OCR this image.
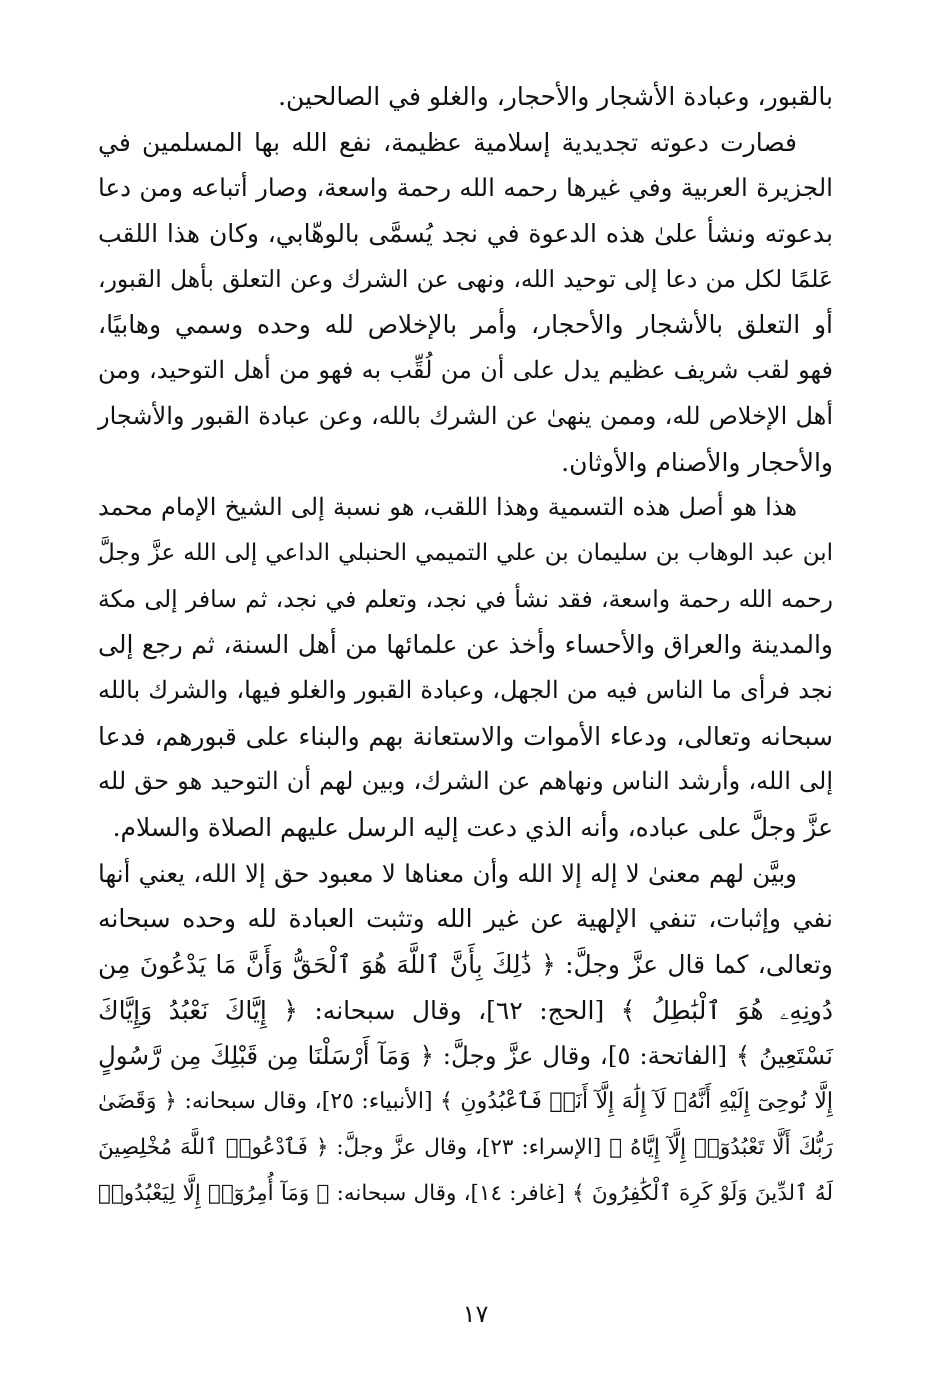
بالقبور، وعبادة الأشجار والأحجار، والغلو في الصالحين.
فصارت دعوته تجديدية إسلامية عظيمة، نفع الله بها المسلمين في
الجزيرة العربية وفي غيرها رحمه الله رحمة واسعة، وصار أتباعه ومن دعا
بدعوته ونشأ علىٰ هذه الدعوة في نجد يُسمَّى بالوهّابي، وكان هذا اللقب
عَلمًا لكل من دعا إلى توحيد الله، ونهى عن الشرك وعن التعلق بأهل القبور،
أو التعلق بالأشجار والأحجار، وأمر بالإخلاص لله وحده وسمي وهابيًا،
فهو لقب شريف عظيم يدل على أن من لُقِّب به فهو من أهل التوحيد، ومن
أهل الإخلاص لله، وممن ينهىٰ عن الشرك بالله، وعن عبادة القبور والأشجار
والأحجار والأصنام والأوثان.
هذا هو أصل هذه التسمية وهذا اللقب، هو نسبة إلى الشيخ الإمام محمد
ابن عبد الوهاب بن سليمان بن علي التميمي الحنبلي الداعي إلى الله عزَّ وجلَّ
رحمه الله رحمة واسعة، فقد نشأ في نجد، وتعلم في نجد، ثم سافر إلى مكة
والمدينة والعراق والأحساء وأخذ عن علمائها من أهل السنة، ثم رجع إلى
نجد فرأى ما الناس فيه من الجهل، وعبادة القبور والغلو فيها، والشرك بالله
سبحانه وتعالى، ودعاء الأموات والاستعانة بهم والبناء على قبورهم، فدعا
إلى الله، وأرشد الناس ونهاهم عن الشرك، وبين لهم أن التوحيد هو حق لله
عزَّ وجلَّ على عباده، وأنه الذي دعت إليه الرسل عليهم الصلاة والسلام.
وبيَّن لهم معنىٰ لا إله إلا الله وأن معناها لا معبود حق إلا الله، يعني أنها
نفي وإثبات، تنفي الإلهية عن غير الله وتثبت العبادة لله وحده سبحانه
وتعالى، كما قال عزَّ وجلَّ: ﴿ ذَٰلِكَ بِأَنَّ ٱللَّهَ هُوَ ٱلْحَقُّ وَأَنَّ مَا يَدْعُونَ مِن
دُونِهِۦ هُوَ ٱلْبَٰطِلُ ﴾ [الحج: ٦٢]، وقال سبحانه: ﴿ إِيَّاكَ نَعْبُدُ وَإِيَّاكَ
نَسْتَعِينُ ﴾ [الفاتحة: ٥]، وقال عزَّ وجلَّ: ﴿ وَمَآ أَرْسَلْنَا مِن قَبْلِكَ مِن رَّسُولٍ
إِلَّا نُوحِىٓ إِلَيْهِ أَنَّهُۥ لَآ إِلَٰهَ إِلَّآ أَنَا۠ فَٱعْبُدُونِ ﴾ [الأنبياء: ٢٥]، وقال سبحانه: ﴿ وَقَضَىٰ
رَبُّكَ أَلَّا تَعْبُدُوٓا۟ إِلَّآ إِيَّاهُ ﴾ [الإسراء: ٢٣]، وقال عزَّ وجلَّ: ﴿ فَٱدْعُوا۟ ٱللَّهَ مُخْلِصِينَ
لَهُ ٱلدِّينَ وَلَوْ كَرِهَ ٱلْكَٰفِرُونَ ﴾ [غافر: ١٤]، وقال سبحانه: ﴿ وَمَآ أُمِرُوٓا۟ إِلَّا لِيَعْبُدُوا۟
١٧
